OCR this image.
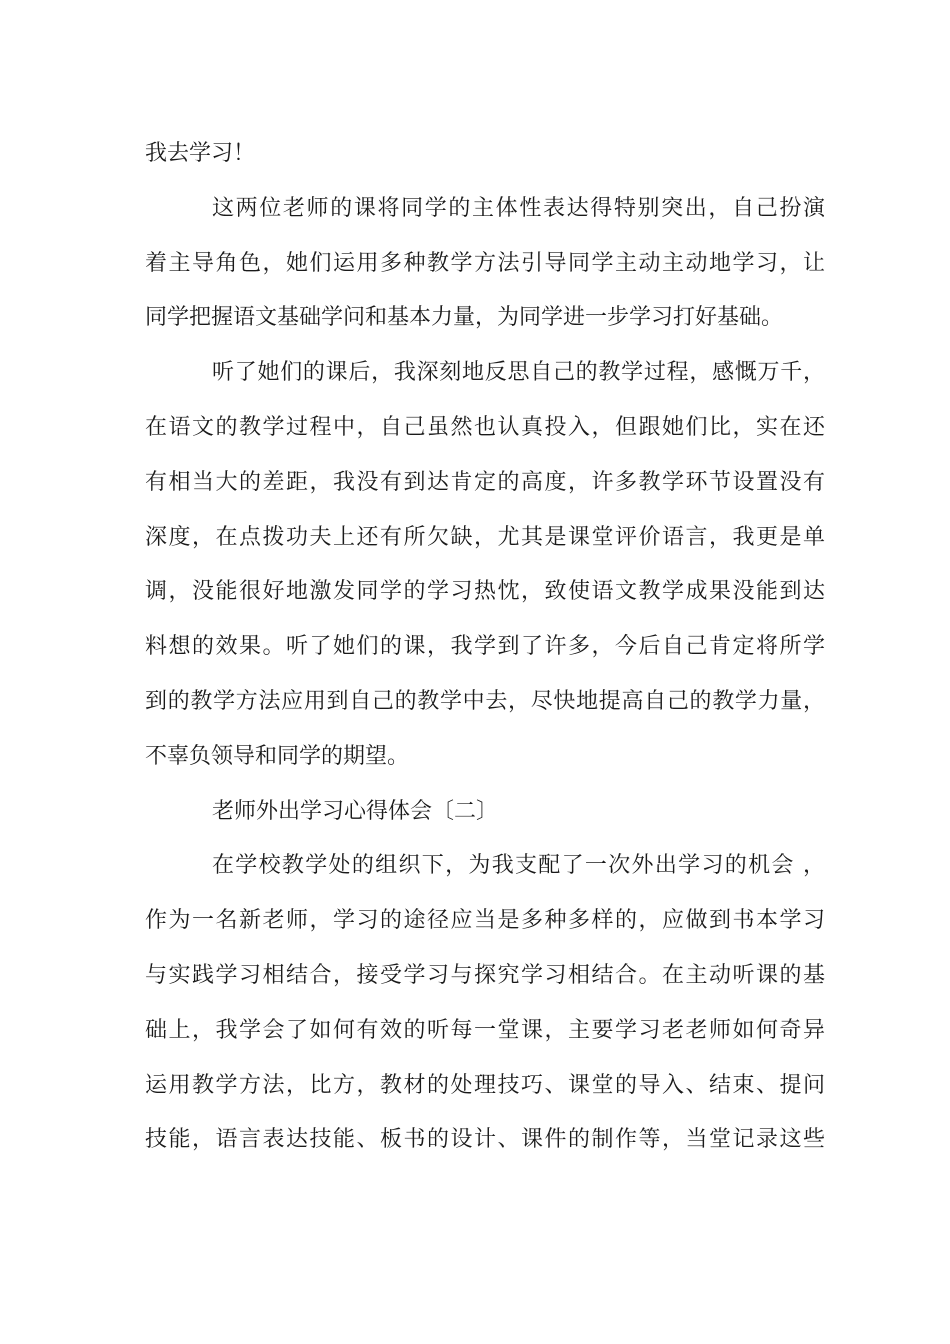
我去学习！
这两位老师的课将同学的主体性表达得特别突出，自己扮演
着主导角色，她们运用多种教学方法引导同学主动主动地学习，让
同学把握语文基础学问和基本力量，为同学进一步学习打好基础。
听了她们的课后，我深刻地反思自己的教学过程，感慨万千，
在语文的教学过程中，自己虽然也认真投入，但跟她们比，实在还
有相当大的差距，我没有到达肯定的高度，许多教学环节设置没有
深度，在点拨功夫上还有所欠缺，尤其是课堂评价语言，我更是单
调，没能很好地激发同学的学习热忱，致使语文教学成果没能到达
料想的效果。听了她们的课，我学到了许多，今后自己肯定将所学
到的教学方法应用到自己的教学中去，尽快地提高自己的教学力量，
不辜负领导和同学的期望。
老师外出学习心得体会〔二〕
在学校教学处的组织下，为我支配了一次外出学习的机会 ，
作为一名新老师，学习的途径应当是多种多样的，应做到书本学习
与实践学习相结合，接受学习与探究学习相结合。在主动听课的基
础上，我学会了如何有效的听每一堂课，主要学习老老师如何奇异
运用教学方法，比方，教材的处理技巧、课堂的导入、结束、提问
技能，语言表达技能、板书的设计、课件的制作等，当堂记录这些
